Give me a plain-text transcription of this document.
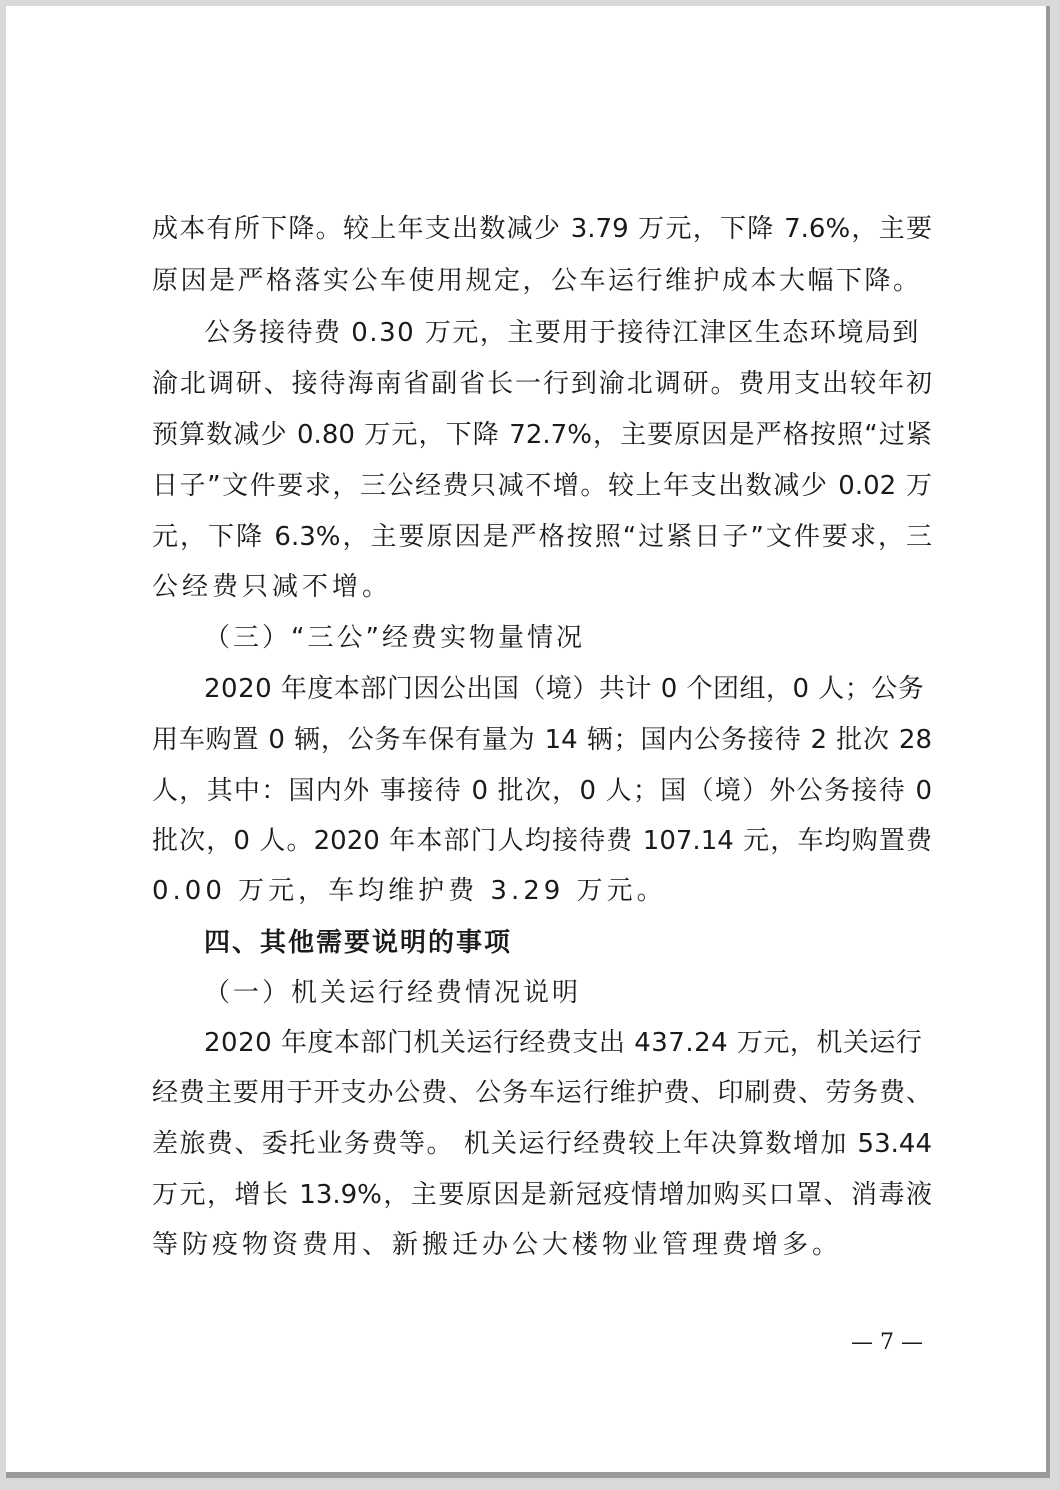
成本有所下降。较上年支出数减少 3.79 万元，下降 7.6%，主要
原因是严格落实公车使用规定，公车运行维护成本大幅下降。
公务接待费 0.30 万元，主要用于接待江津区生态环境局到
渝北调研、接待海南省副省长一行到渝北调研。费用支出较年初
预算数减少 0.80 万元，下降 72.7%，主要原因是严格按照“过紧
日子”文件要求，三公经费只减不增。较上年支出数减少 0.02 万
元，下降 6.3%，主要原因是严格按照“过紧日子”文件要求，三
公经费只减不增。
（三）“三公”经费实物量情况
2020 年度本部门因公出国（境）共计 0 个团组，0 人；公务
用车购置 0 辆，公务车保有量为 14 辆；国内公务接待 2 批次 28
人，其中：国内外 事接待 0 批次，0 人；国（境）外公务接待 0
批次，0 人。2020 年本部门人均接待费 107.14 元，车均购置费
0.00 万元，车均维护费 3.29 万元。
四、其他需要说明的事项
（一）机关运行经费情况说明
2020 年度本部门机关运行经费支出 437.24 万元，机关运行
经费主要用于开支办公费、公务车运行维护费、印刷费、劳务费、
差旅费、委托业务费等。 机关运行经费较上年决算数增加 53.44
万元，增长 13.9%，主要原因是新冠疫情增加购买口罩、消毒液
等防疫物资费用、新搬迁办公大楼物业管理费增多。
— 7 —
